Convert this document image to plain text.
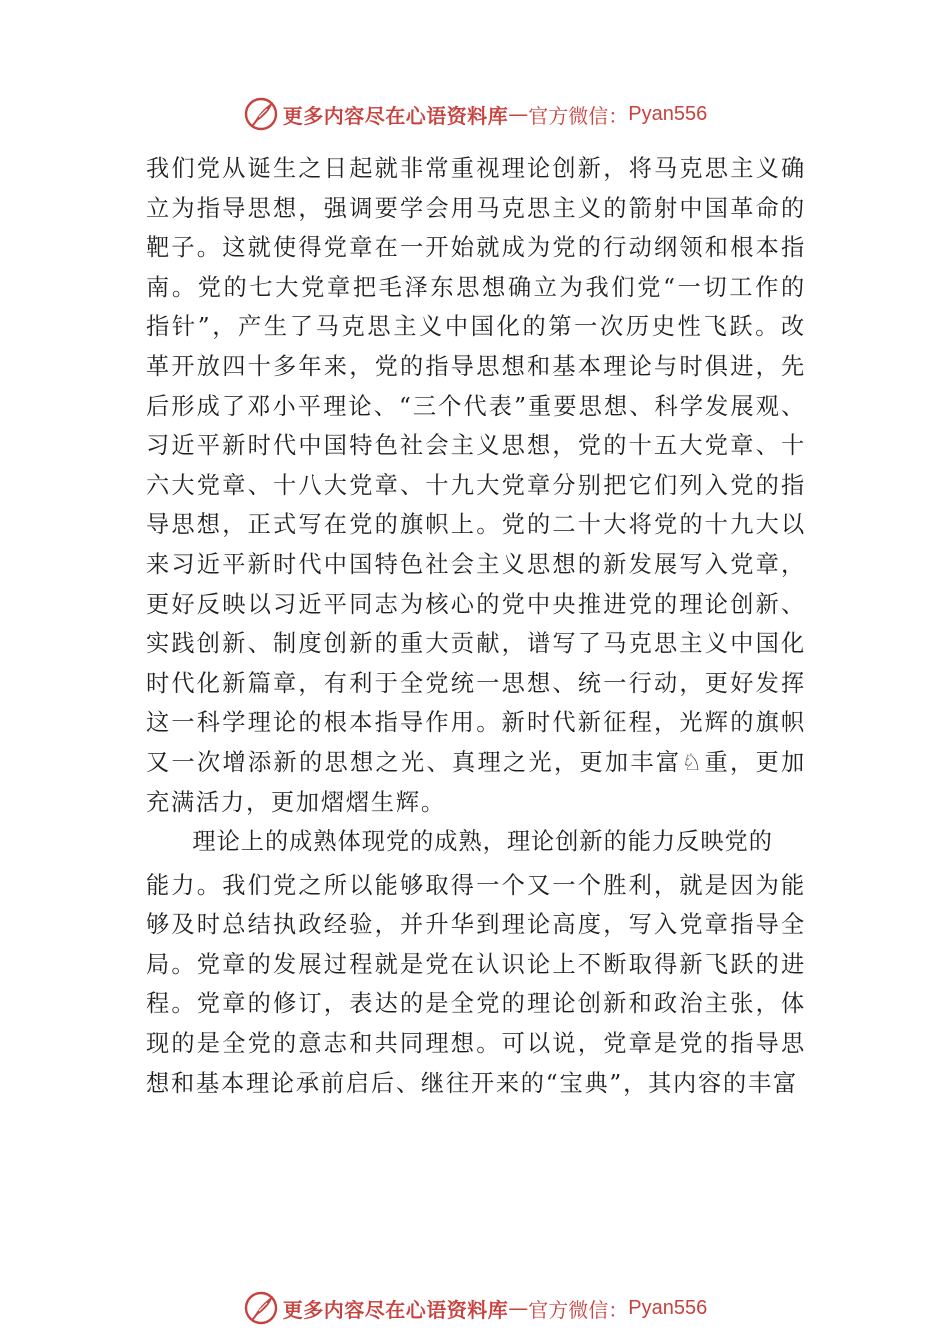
更多内容尽在心语资料库 — 官方微信： Pyan556

我们党从诞生之日起就非常重视理论创新，将马克思主义确立为指导思想，强调要学会用马克思主义的箭射中国革命的靶子。这就使得党章在一开始就成为党的行动纲领和根本指南。党的七大党章把毛泽东思想确立为我们党“一切工作的指针”，产生了马克思主义中国化的第一次历史性飞跃。改革开放四十多年来，党的指导思想和基本理论与时俱进，先后形成了邓小平理论、“三个代表”重要思想、科学发展观、习近平新时代中国特色社会主义思想，党的十五大党章、十六大党章、十八大党章、十九大党章分别把它们列入党的指导思想，正式写在党的旗帜上。党的二十大将党的十九大以来习近平新时代中国特色社会主义思想的新发展写入党章，更好反映以习近平同志为核心的党中央推进党的理论创新、实践创新、制度创新的重大贡献，谱写了马克思主义中国化时代化新篇章，有利于全党统一思想、统一行动，更好发挥这一科学理论的根本指导作用。新时代新征程，光辉的旗帜又一次增添新的思想之光、真理之光，更加丰富♘重，更加充满活力，更加熠熠生辉。

理论上的成熟体现党的成熟，理论创新的能力反映党的

能力。我们党之所以能够取得一个又一个胜利，就是因为能够及时总结执政经验，并升华到理论高度，写入党章指导全局。党章的发展过程就是党在认识论上不断取得新飞跃的进程。党章的修订，表达的是全党的理论创新和政治主张，体现的是全党的意志和共同理想。可以说，党章是党的指导思想和基本理论承前启后、继往开来的“宝典”，其内容的丰富

更多内容尽在心语资料库 — 官方微信： Pyan556
